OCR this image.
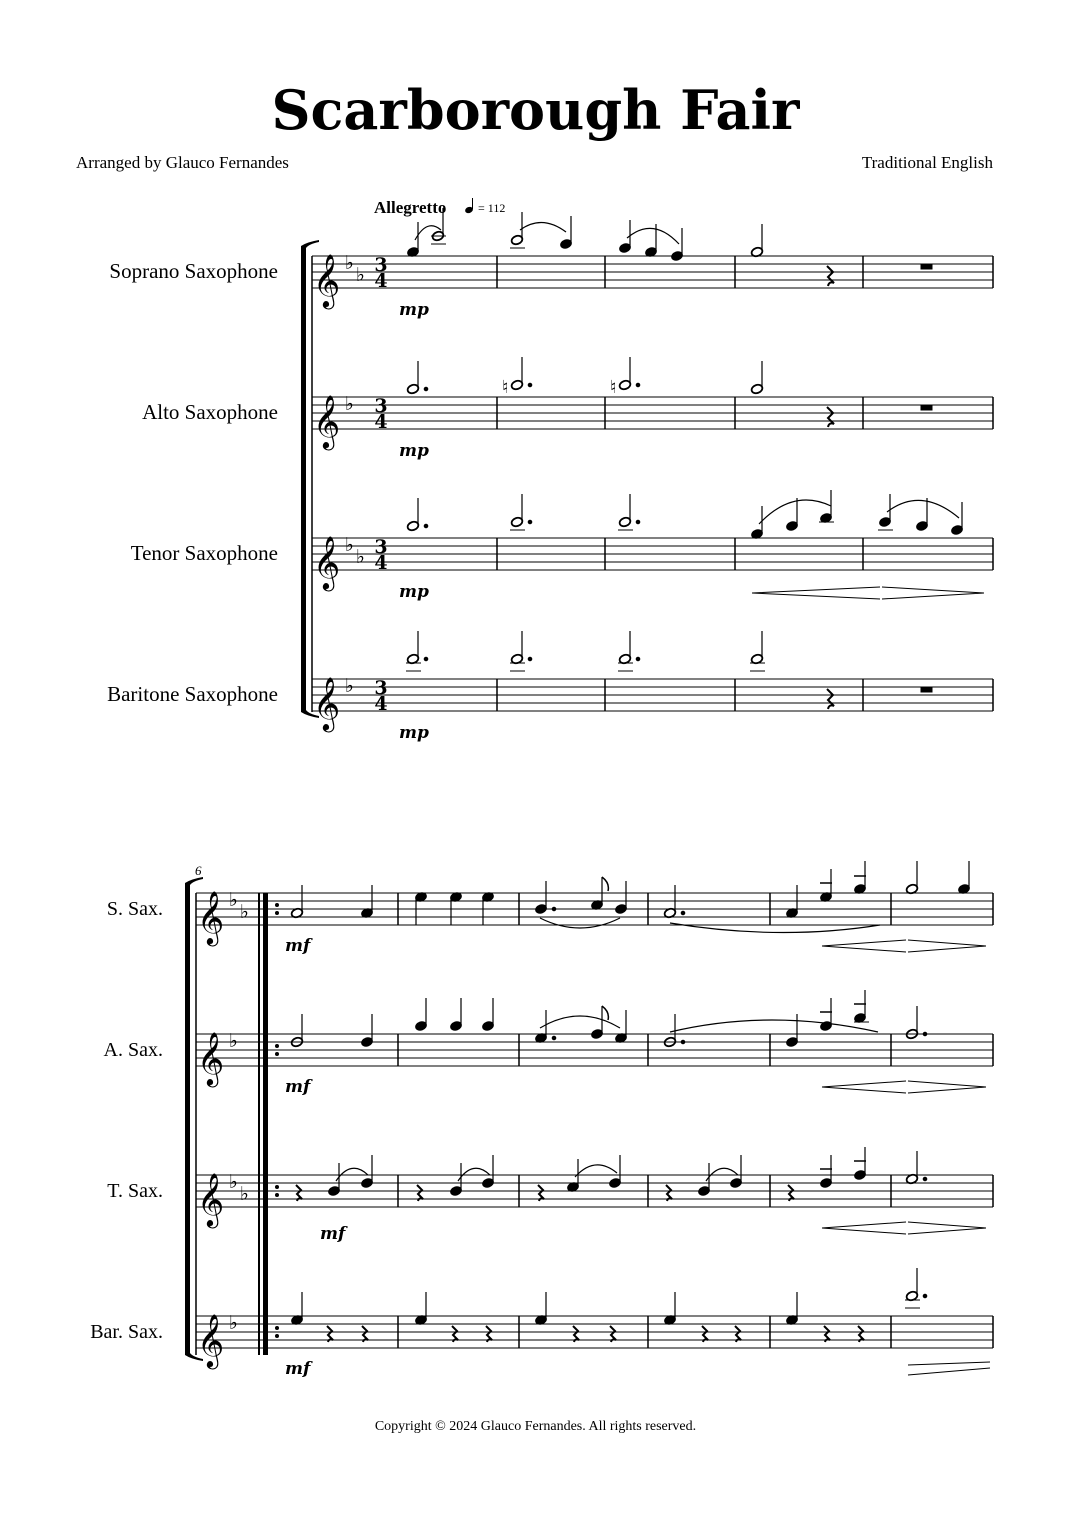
Scarborough Fair
Arranged by Glauco Fernandes	Traditional English
Allegretto	= 112
Soprano Saxophone
Alto Saxophone
Tenor Saxophone
Baritone Saxophone
𝄞
𝄞
𝄞
𝄞
♭
♭
♭
♭
♭
♭
3
4
3
4
3
4
3
4
♮	♮
mp
mp
mp
mp
6
S. Sax.
A. Sax.
T. Sax.
Bar. Sax.
𝄞
𝄞
𝄞
𝄞
♭
♭
♭
♭
♭
♭
mf
mf
mf
mf
Copyright © 2024 Glauco Fernandes. All rights reserved.
